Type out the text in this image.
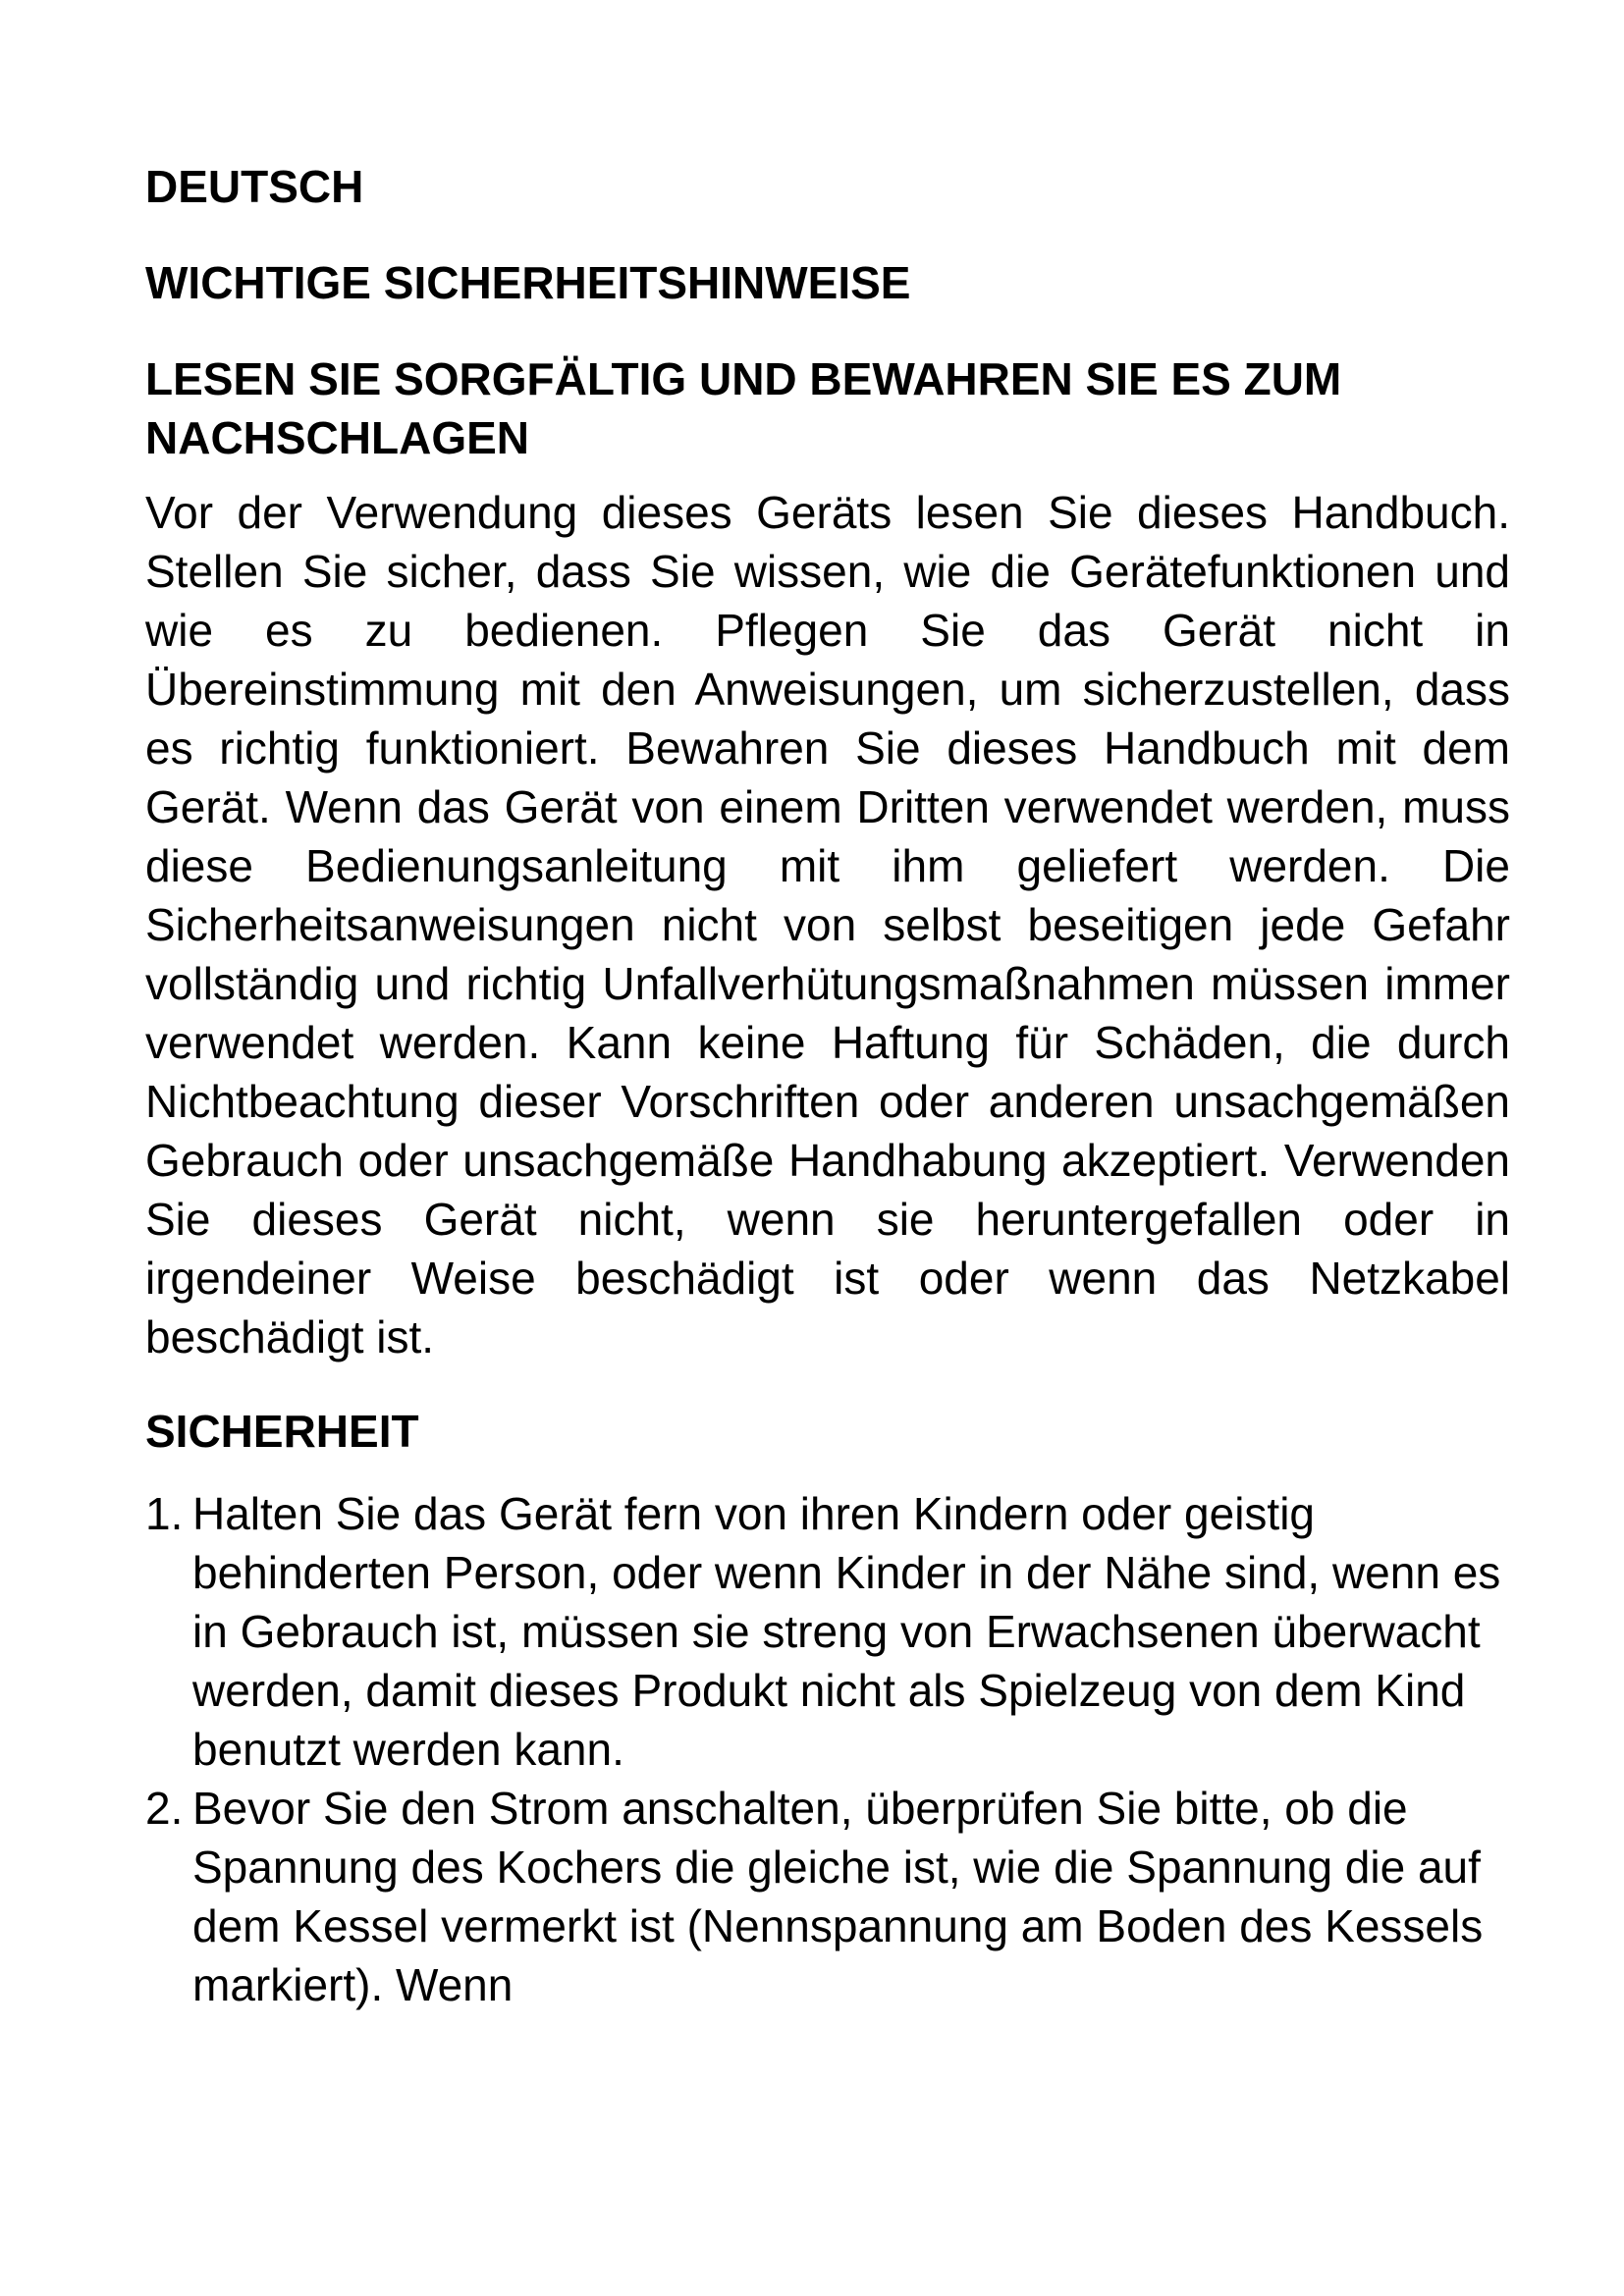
DEUTSCH
WICHTIGE SICHERHEITSHINWEISE
LESEN SIE SORGFÄLTIG UND BEWAHREN SIE ES ZUM NACHSCHLAGEN

Vor der Verwendung dieses Geräts lesen Sie dieses Handbuch. Stellen Sie sicher, dass Sie wissen, wie die Gerätefunktionen und wie es zu bedienen. Pflegen Sie das Gerät nicht in Übereinstimmung mit den Anweisungen, um sicherzustellen, dass es richtig funktioniert. Bewahren Sie dieses Handbuch mit dem Gerät. Wenn das Gerät von einem Dritten verwendet werden, muss diese Bedienungsanleitung mit ihm geliefert werden. Die Sicherheitsanweisungen nicht von selbst beseitigen jede Gefahr vollständig und richtig Unfallverhütungsmaßnahmen müssen immer verwendet werden. Kann keine Haftung für Schäden, die durch Nichtbeachtung dieser Vorschriften oder anderen unsachgemäßen Gebrauch oder unsachgemäße Handhabung akzeptiert. Verwenden Sie dieses Gerät nicht, wenn sie heruntergefallen oder in irgendeiner Weise beschädigt ist oder wenn das Netzkabel beschädigt ist.

SICHERHEIT
1. Halten Sie das Gerät fern von ihren Kindern oder geistig behinderten Person, oder wenn Kinder in der Nähe sind, wenn es in Gebrauch ist, müssen sie streng von Erwachsenen überwacht werden, damit dieses Produkt nicht als Spielzeug von dem Kind benutzt werden kann.
2. Bevor Sie den Strom anschalten, überprüfen Sie bitte, ob die Spannung des Kochers die gleiche ist, wie die Spannung die auf dem Kessel vermerkt ist (Nennspannung am Boden des Kessels markiert). Wenn
